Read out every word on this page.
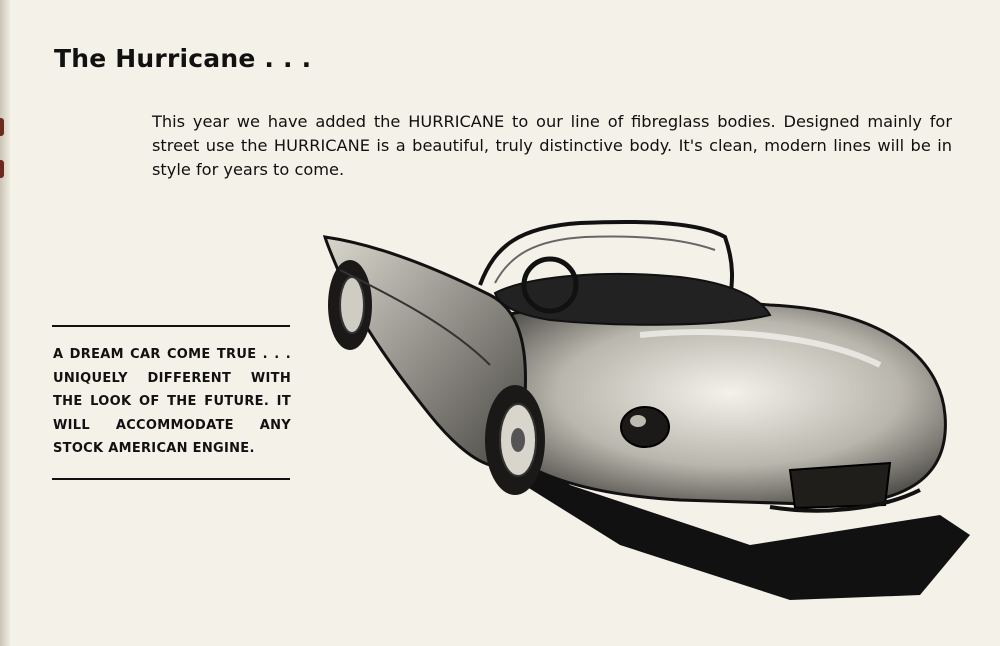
The Hurricane . . .

This year we have added the HURRICANE to our line of fibreglass bodies. Designed mainly for street use the HURRICANE is a beautiful, truly distinctive body. It's clean, modern lines will be in style for years to come.

A DREAM CAR COME TRUE . . . UNIQUELY DIFFERENT WITH THE LOOK OF THE FUTURE. IT WILL ACCOMMODATE ANY STOCK AMERICAN ENGINE.
